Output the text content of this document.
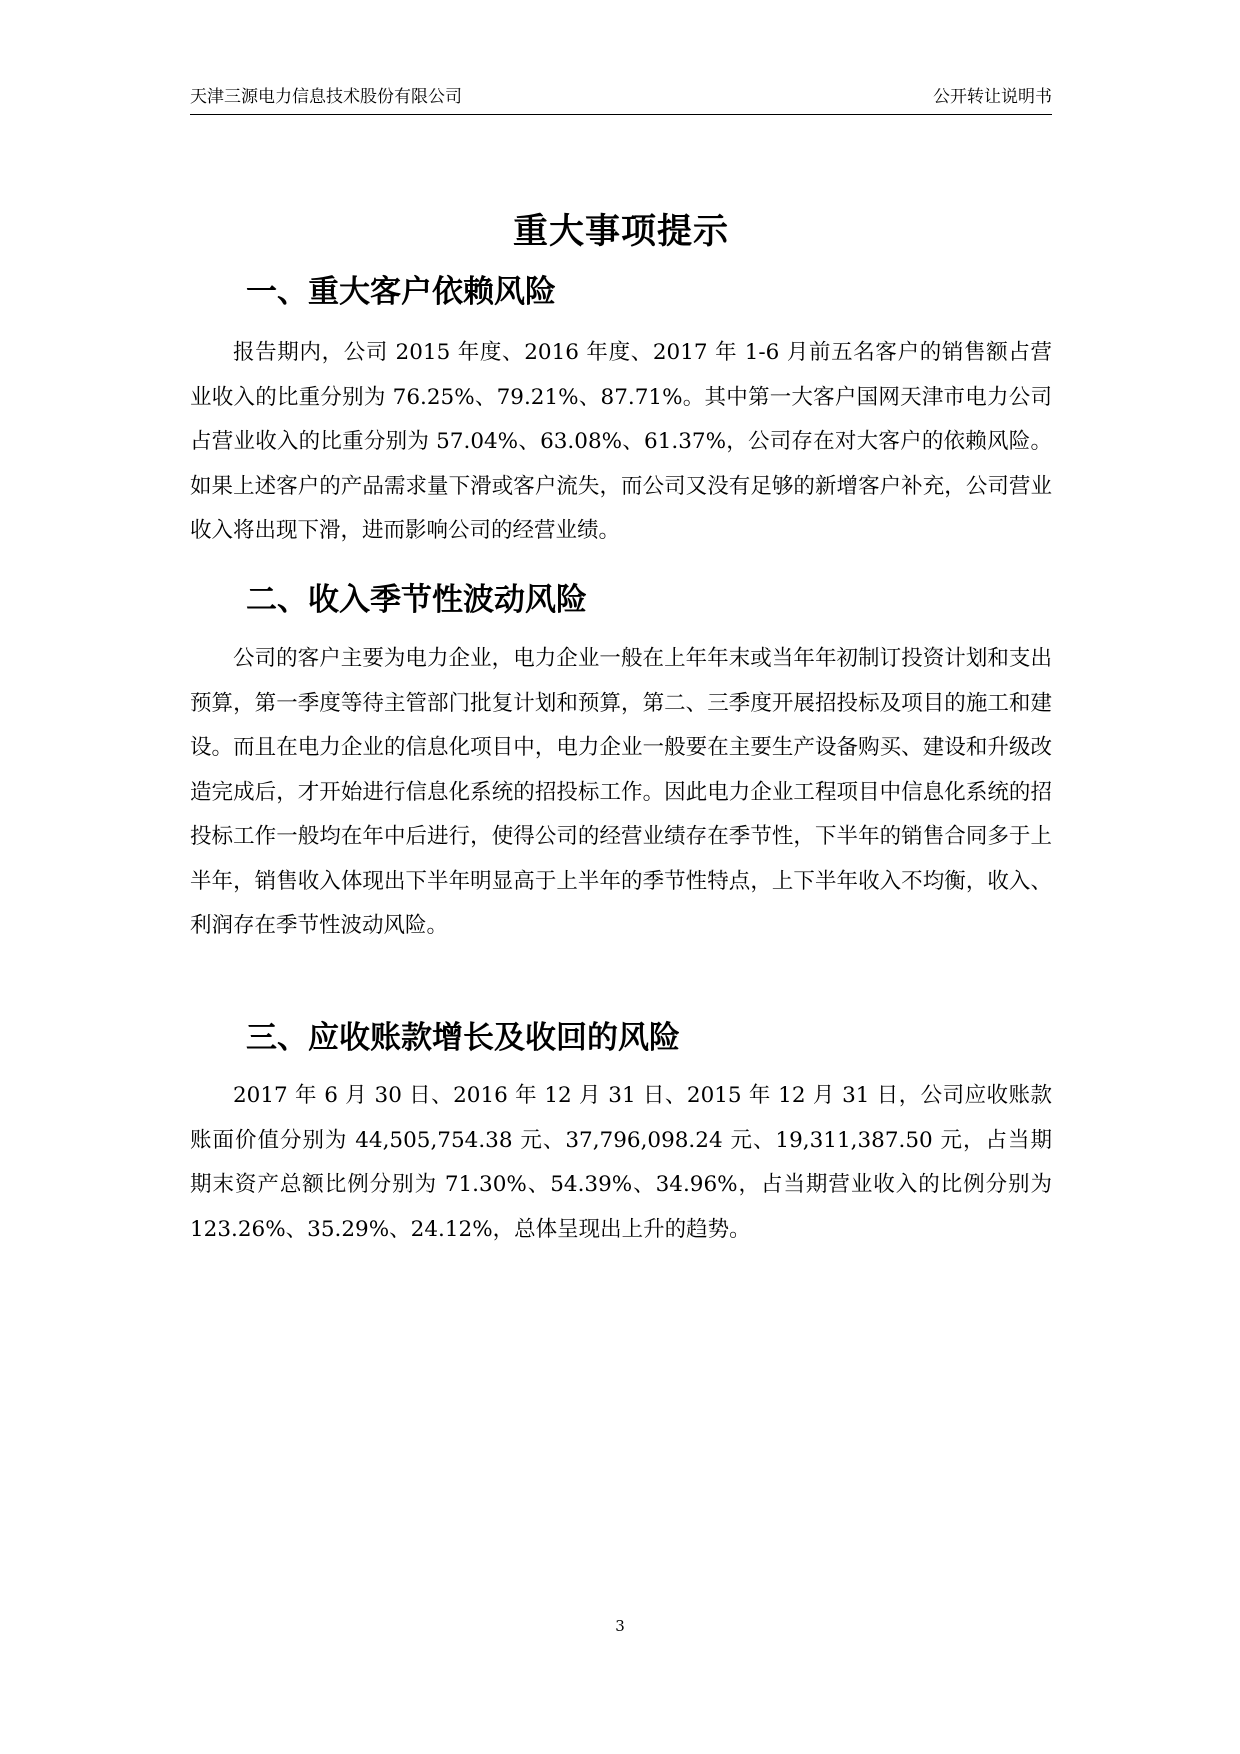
天津三源电力信息技术股份有限公司	公开转让说明书
重大事项提示
一、重大客户依赖风险

报告期内，公司 2015 年度、2016 年度、2017 年 1-6 月前五名客户的销售额占营业收入的比重分别为 76.25%、79.21%、87.71%。其中第一大客户国网天津市电力公司占营业收入的比重分别为 57.04%、63.08%、61.37%，公司存在对大客户的依赖风险。如果上述客户的产品需求量下滑或客户流失，而公司又没有足够的新增客户补充，公司营业收入将出现下滑，进而影响公司的经营业绩。

二、收入季节性波动风险

公司的客户主要为电力企业，电力企业一般在上年年末或当年年初制订投资计划和支出预算，第一季度等待主管部门批复计划和预算，第二、三季度开展招投标及项目的施工和建设。而且在电力企业的信息化项目中，电力企业一般要在主要生产设备购买、建设和升级改造完成后，才开始进行信息化系统的招投标工作。因此电力企业工程项目中信息化系统的招投标工作一般均在年中后进行，使得公司的经营业绩存在季节性，下半年的销售合同多于上半年，销售收入体现出下半年明显高于上半年的季节性特点，上下半年收入不均衡，收入、利润存在季节性波动风险。

三、应收账款增长及收回的风险

2017 年 6 月 30 日、2016 年 12 月 31 日、2015 年 12 月 31 日，公司应收账款账面价值分别为 44,505,754.38 元、37,796,098.24 元、19,311,387.50 元，占当期期末资产总额比例分别为 71.30%、54.39%、34.96%，占当期营业收入的比例分别为 123.26%、35.29%、24.12%，总体呈现出上升的趋势。

3
